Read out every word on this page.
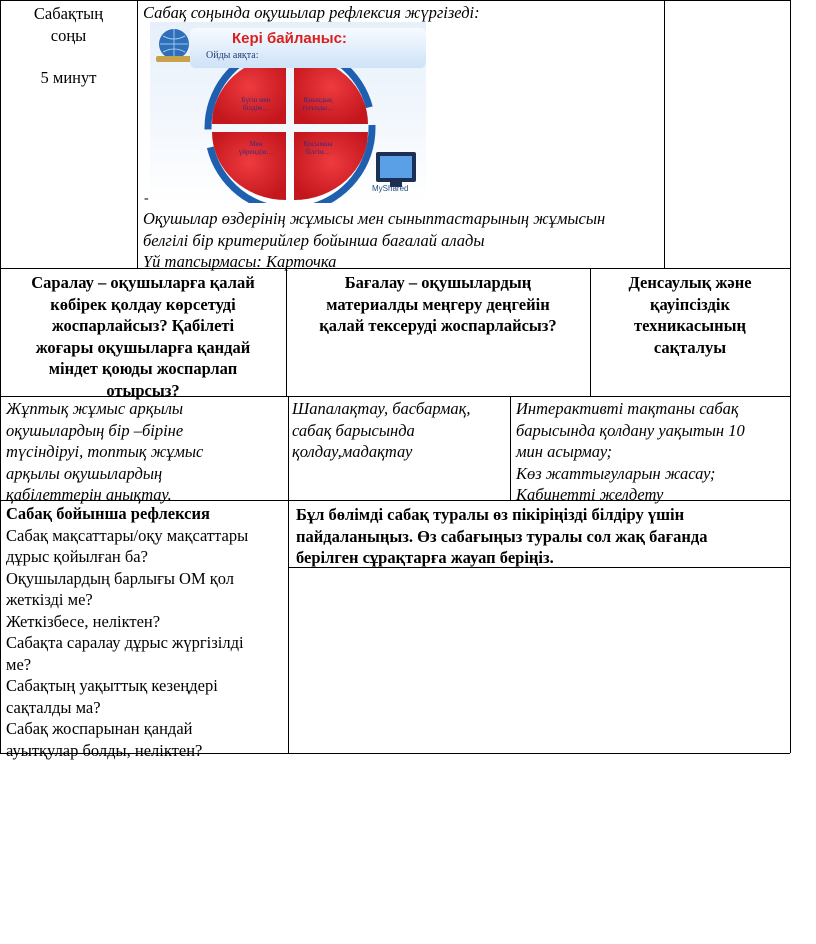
Сабақтың
соңы
5 минут
Сабақ соңында оқушылар рефлексия жүргізеді:
Кері байланыс:
Ойды аяқта:
Бүгін мен
білдім…
Қиындық
туғызды…
Мен
үйрендім…
Қосымша
білгім…
MyShared
-
Оқушылар өздерінің жұмысы мен сыныптастарының жұмысын
белгілі бір критерийлер бойынша бағалай алады
Үй тапсырмасы: Карточка
Саралау – оқушыларға қалай
көбірек қолдау көрсетуді
жоспарлайсыз? Қабілеті
жоғары оқушыларға қандай
міндет қоюды жоспарлап
отырсыз?
Бағалау – оқушылардың
материалды меңгеру деңгейін
қалай тексеруді жоспарлайсыз?
Денсаулық және
қауіпсіздік
техникасының
сақталуы
Жұптық жұмыс арқылы
оқушылардың бір –біріне
түсіндіруі, топтық жұмыс
арқылы оқушылардың
қабілеттерін анықтау.
Шапалақтау, басбармақ,
сабақ барысында
қолдау,мадақтау
Интерактивті тақтаны сабақ
барысында қолдану уақытын 10
мин асырмау;
Көз жаттығуларын жасау;
Кабинетті желдету
Сабақ бойынша рефлексия
Сабақ мақсаттары/оқу мақсаттары
дұрыс қойылған ба?
Оқушылардың барлығы ОМ қол
жеткізді ме?
Жеткізбесе, неліктен?
Сабақта саралау дұрыс жүргізілді
ме?
Сабақтың уақыттық кезеңдері
сақталды ма?
Сабақ жоспарынан қандай
ауытқулар болды, неліктен?
Бұл бөлімді сабақ туралы өз пікіріңізді білдіру үшін
пайдаланыңыз. Өз сабағыңыз туралы сол жақ бағанда
берілген сұрақтарға жауап беріңіз.
